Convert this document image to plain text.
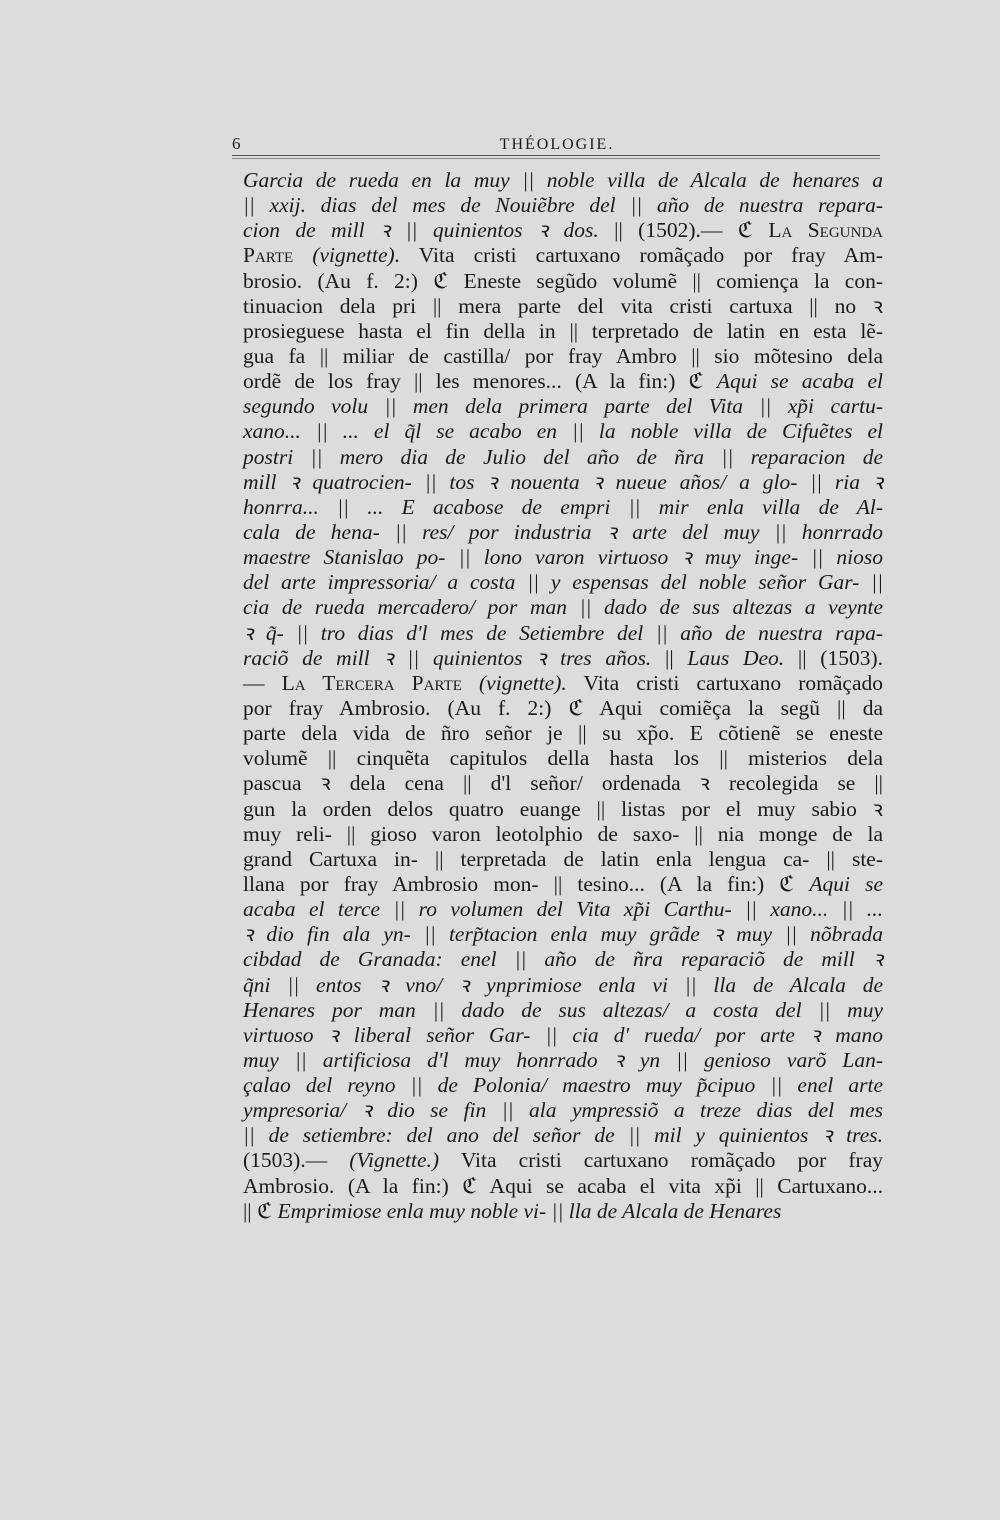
6	THÉOLOGIE.
Garcia de rueda en la muy || noble villa de Alcala de henares a
|| xxij. dias del mes de Nouiẽbre del || año de nuestra repara-
cion de mill ꝛ || quinientos ꝛ dos. || (1502).— ℭ La Segunda
Parte (vignette). Vita cristi cartuxano romãçado por fray Am-
brosio. (Au f. 2:) ℭ Eneste segũdo volumẽ || comiença la con-
tinuacion dela pri || mera parte del vita cristi cartuxa || no ꝛ
prosieguese hasta el fin della in || terpretado de latin en esta lẽ-
gua fa || miliar de castilla/ por fray Ambro || sio mõtesino dela
ordẽ de los fray || les menores... (A la fin:) ℭ Aqui se acaba el
segundo volu || men dela primera parte del Vita || xp̃i cartu-
xano... || ... el q̃l se acabo en || la noble villa de Cifuẽtes el
postri || mero dia de Julio del año de ñra || reparacion de
mill ꝛ quatrocien- || tos ꝛ nouenta ꝛ nueue años/ a glo- || ria ꝛ
honrra... || ... E acabose de empri || mir enla villa de Al-
cala de hena- || res/ por industria ꝛ arte del muy || honrrado
maestre Stanislao po- || lono varon virtuoso ꝛ muy inge- || nioso
del arte impressoria/ a costa || y espensas del noble señor Gar- ||
cia de rueda mercadero/ por man || dado de sus altezas a veynte
ꝛ q̃- || tro dias d'l mes de Setiembre del || año de nuestra rapa-
raciõ de mill ꝛ || quinientos ꝛ tres años. || Laus Deo. || (1503).
— La Tercera Parte (vignette). Vita cristi cartuxano romãçado
por fray Ambrosio. (Au f. 2:) ℭ Aqui comiẽça la segũ || da
parte dela vida de ñro señor je || su xp̃o. E cõtienẽ se eneste
volumẽ || cinquẽta capitulos della hasta los || misterios dela
pascua ꝛ dela cena || d'l señor/ ordenada ꝛ recolegida se ||
gun la orden delos quatro euange || listas por el muy sabio ꝛ
muy reli- || gioso varon leotolphio de saxo- || nia monge de la
grand Cartuxa in- || terpretada de latin enla lengua ca- || ste-
llana por fray Ambrosio mon- || tesino... (A la fin:) ℭ Aqui se
acaba el terce || ro volumen del Vita xp̃i Carthu- || xano... || ...
ꝛ dio fin ala yn- || terp̃tacion enla muy grãde ꝛ muy || nõbrada
cibdad de Granada: enel || año de ñra reparaciõ de mill ꝛ
q̃ni || entos ꝛ vno/ ꝛ ynprimiose enla vi || lla de Alcala de
Henares por man || dado de sus altezas/ a costa del || muy
virtuoso ꝛ liberal señor Gar- || cia d' rueda/ por arte ꝛ mano
muy || artificiosa d'l muy honrrado ꝛ yn || genioso varõ Lan-
çalao del reyno || de Polonia/ maestro muy p̃cipuo || enel arte
ympresoria/ ꝛ dio se fin || ala ympressiõ a treze dias del mes
|| de setiembre: del ano del señor de || mil y quinientos ꝛ tres.
(1503).— (Vignette.) Vita cristi cartuxano romãçado por fray
Ambrosio. (A la fin:) ℭ Aqui se acaba el vita xp̃i || Cartuxano...
|| ℭ Emprimiose enla muy noble vi- || lla de Alcala de Henares
